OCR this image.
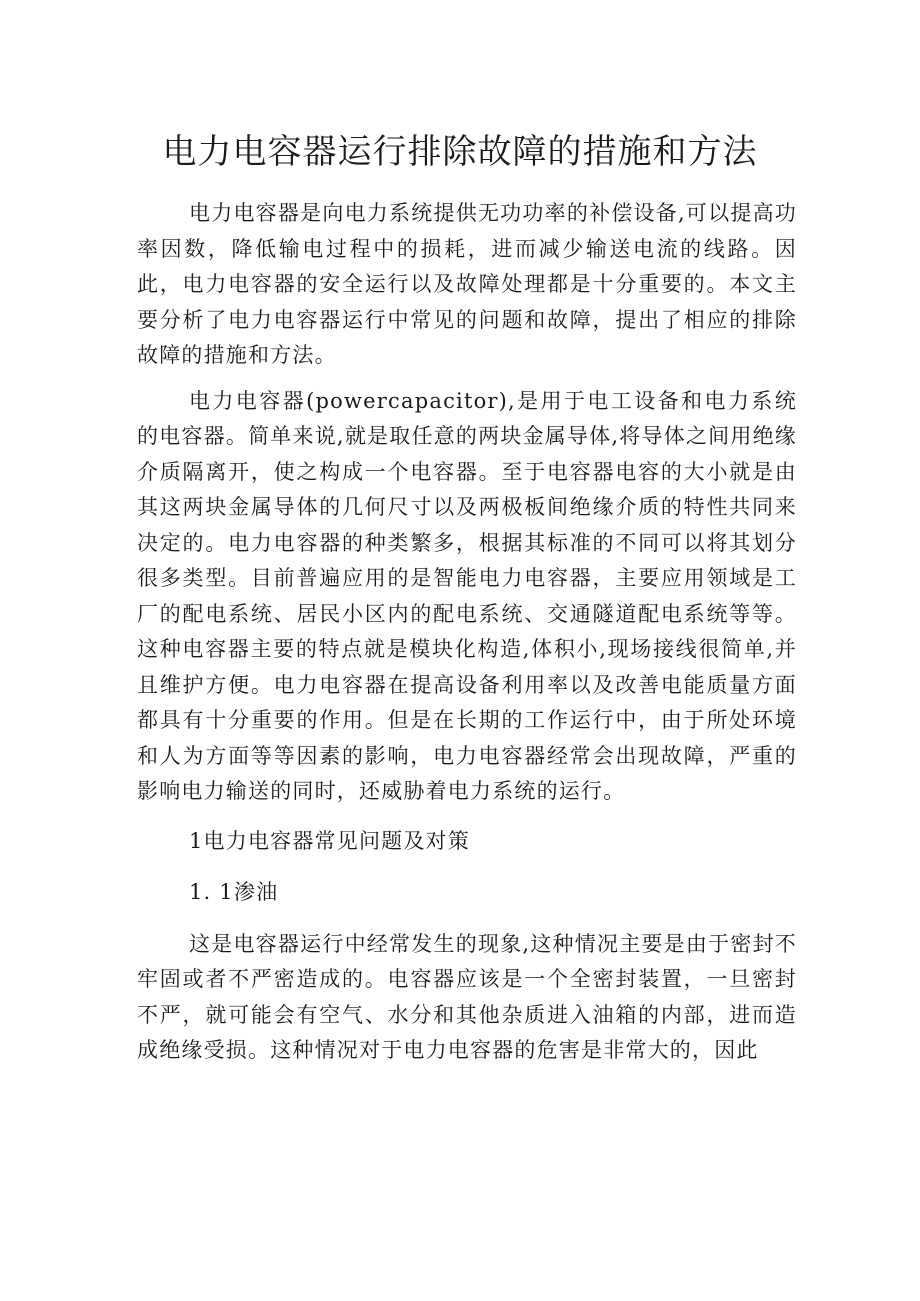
电力电容器运行排除故障的措施和方法

电力电容器是向电力系统提供无功功率的补偿设备,可以提高功率因数，降低输电过程中的损耗，进而减少输送电流的线路。因此，电力电容器的安全运行以及故障处理都是十分重要的。本文主要分析了电力电容器运行中常见的问题和故障，提出了相应的排除故障的措施和方法。

电力电容器(powercapacitor),是用于电工设备和电力系统的电容器。简单来说,就是取任意的两块金属导体,将导体之间用绝缘介质隔离开，使之构成一个电容器。至于电容器电容的大小就是由其这两块金属导体的几何尺寸以及两极板间绝缘介质的特性共同来决定的。电力电容器的种类繁多，根据其标准的不同可以将其划分很多类型。目前普遍应用的是智能电力电容器，主要应用领域是工厂的配电系统、居民小区内的配电系统、交通隧道配电系统等等。这种电容器主要的特点就是模块化构造,体积小,现场接线很简单,并且维护方便。电力电容器在提高设备利用率以及改善电能质量方面都具有十分重要的作用。但是在长期的工作运行中，由于所处环境和人为方面等等因素的影响，电力电容器经常会出现故障，严重的影响电力输送的同时，还威胁着电力系统的运行。

1电力电容器常见问题及对策

1. 1渗油

这是电容器运行中经常发生的现象,这种情况主要是由于密封不牢固或者不严密造成的。电容器应该是一个全密封装置，一旦密封不严，就可能会有空气、水分和其他杂质进入油箱的内部，进而造成绝缘受损。这种情况对于电力电容器的危害是非常大的，因此
